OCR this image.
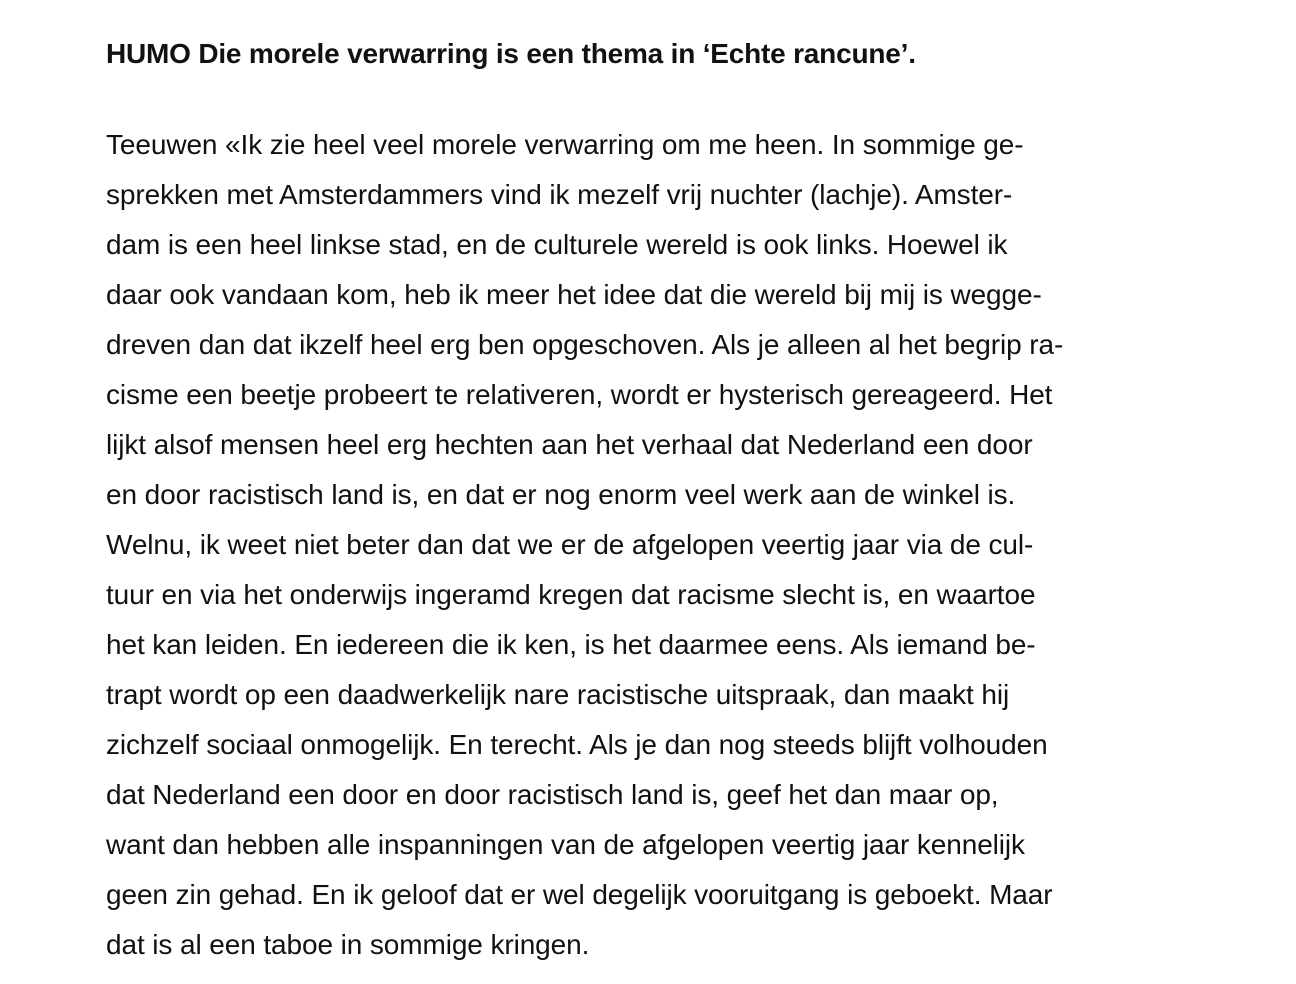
HUMO Die morele verwarring is een thema in ‘Echte rancune’.

Teeuwen «Ik zie heel veel morele verwarring om me heen. In sommige ge-
sprekken met Amsterdammers vind ik mezelf vrij nuchter (lachje). Amster-
dam is een heel linkse stad, en de culturele wereld is ook links. Hoewel ik
daar ook vandaan kom, heb ik meer het idee dat die wereld bij mij is wegge-
dreven dan dat ikzelf heel erg ben opgeschoven. Als je alleen al het begrip ra-
cisme een beetje probeert te relativeren, wordt er hysterisch gereageerd. Het
lijkt alsof mensen heel erg hechten aan het verhaal dat Nederland een door
en door racistisch land is, en dat er nog enorm veel werk aan de winkel is.
Welnu, ik weet niet beter dan dat we er de afgelopen veertig jaar via de cul-
tuur en via het onderwijs ingeramd kregen dat racisme slecht is, en waartoe
het kan leiden. En iedereen die ik ken, is het daarmee eens. Als iemand be-
trapt wordt op een daadwerkelijk nare racistische uitspraak, dan maakt hij
zichzelf sociaal onmogelijk. En terecht. Als je dan nog steeds blijft volhouden
dat Nederland een door en door racistisch land is, geef het dan maar op,
want dan hebben alle inspanningen van de afgelopen veertig jaar kennelijk
geen zin gehad. En ik geloof dat er wel degelijk vooruitgang is geboekt. Maar
dat is al een taboe in sommige kringen.
